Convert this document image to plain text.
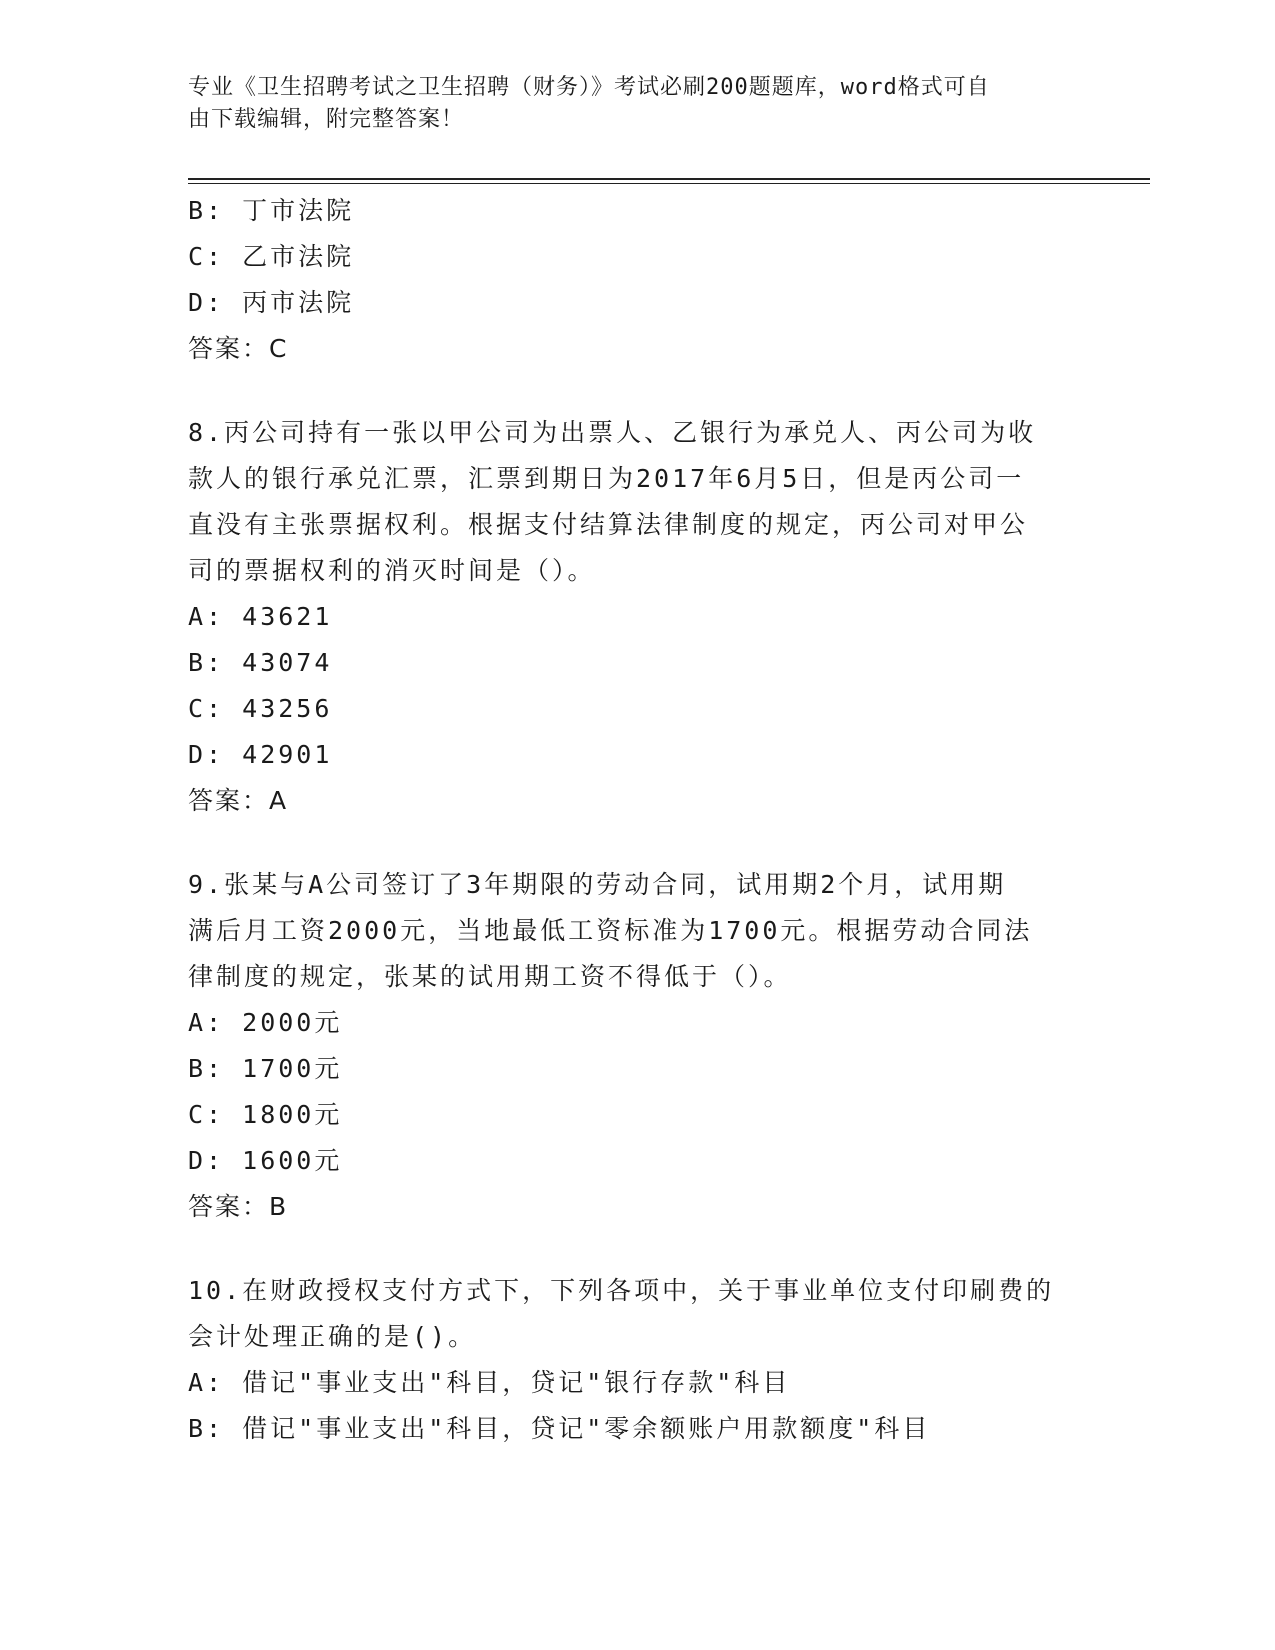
专业《卫生招聘考试之卫生招聘（财务）》考试必刷200题题库，word格式可自
由下载编辑，附完整答案！
B: 丁市法院
C: 乙市法院
D: 丙市法院
答案：C
8.丙公司持有一张以甲公司为出票人、乙银行为承兑人、丙公司为收
款人的银行承兑汇票，汇票到期日为2017年6月5日，但是丙公司一
直没有主张票据权利。根据支付结算法律制度的规定，丙公司对甲公
司的票据权利的消灭时间是（）。
A: 43621
B: 43074
C: 43256
D: 42901
答案：A
9.张某与A公司签订了3年期限的劳动合同，试用期2个月，试用期
满后月工资2000元，当地最低工资标准为1700元。根据劳动合同法
律制度的规定，张某的试用期工资不得低于（）。
A: 2000元
B: 1700元
C: 1800元
D: 1600元
答案：B
10.在财政授权支付方式下，下列各项中，关于事业单位支付印刷费的
会计处理正确的是()。
A: 借记"事业支出"科目，贷记"银行存款"科目
B: 借记"事业支出"科目，贷记"零余额账户用款额度"科目
